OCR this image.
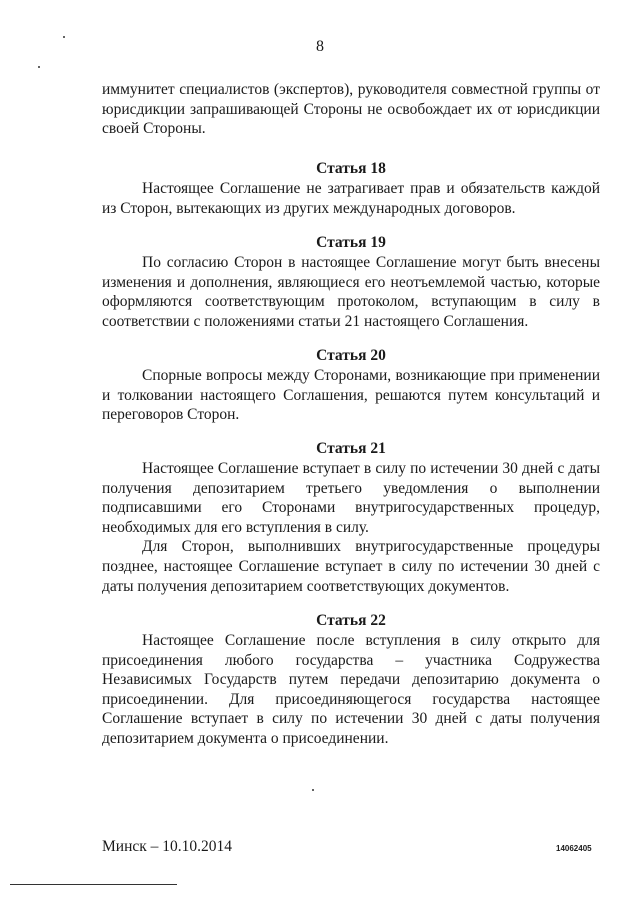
8

иммунитет специалистов (экспертов), руководителя совместной группы от юрисдикции запрашивающей Стороны не освобождает их от юрисдикции своей Стороны.

Статья 18

Настоящее Соглашение не затрагивает прав и обязательств каждой из Сторон, вытекающих из других международных договоров.

Статья 19

По согласию Сторон в настоящее Соглашение могут быть внесены изменения и дополнения, являющиеся его неотъемлемой частью, которые оформляются соответствующим протоколом, вступающим в силу в соответствии с положениями статьи 21 настоящего Соглашения.

Статья 20

Спорные вопросы между Сторонами, возникающие при применении и толковании настоящего Соглашения, решаются путем консультаций и переговоров Сторон.

Статья 21

Настоящее Соглашение вступает в силу по истечении 30 дней с даты получения депозитарием третьего уведомления о выполнении подписавшими его Сторонами внутригосударственных процедур, необходимых для его вступления в силу.

Для Сторон, выполнивших внутригосударственные процедуры позднее, настоящее Соглашение вступает в силу по истечении 30 дней с даты получения депозитарием соответствующих документов.

Статья 22

Настоящее Соглашение после вступления в силу открыто для присоединения любого государства – участника Содружества Независимых Государств путем передачи депозитарию документа о присоединении. Для присоединяющегося государства настоящее Соглашение вступает в силу по истечении 30 дней с даты получения депозитарием документа о присоединении.

Минск – 10.10.2014	14062405
